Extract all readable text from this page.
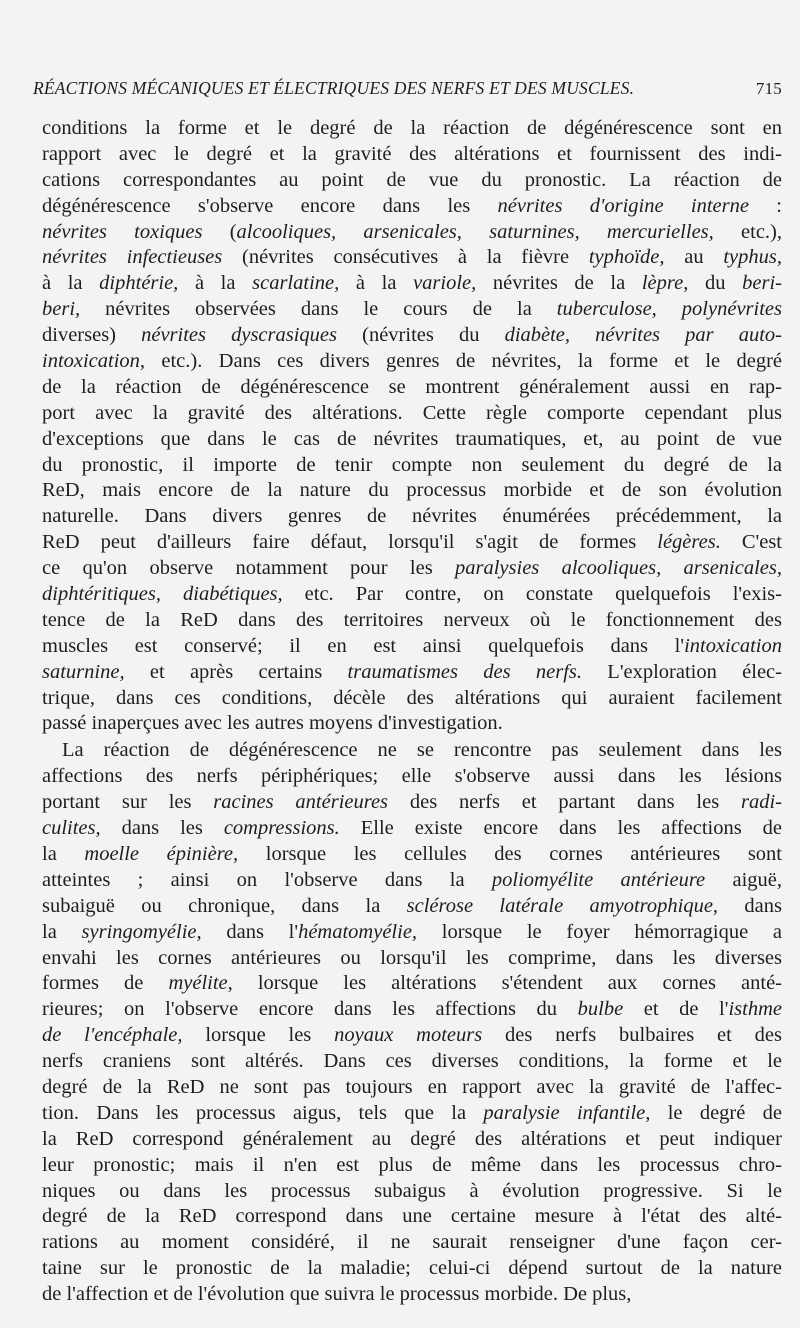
RÉACTIONS MÉCANIQUES ET ÉLECTRIQUES DES NERFS ET DES MUSCLES.	715
conditions la forme et le degré de la réaction de dégénérescence sont en
rapport avec le degré et la gravité des altérations et fournissent des indi-
cations correspondantes au point de vue du pronostic. La réaction de
dégénérescence s'observe encore dans les névrites d'origine interne :
névrites toxiques (alcooliques, arsenicales, saturnines, mercurielles, etc.),
névrites infectieuses (névrites consécutives à la fièvre typhoïde, au typhus,
à la diphtérie, à la scarlatine, à la variole, névrites de la lèpre, du beri-
beri, névrites observées dans le cours de la tuberculose, polynévrites
diverses) névrites dyscrasiques (névrites du diabète, névrites par auto-
intoxication, etc.). Dans ces divers genres de névrites, la forme et le degré
de la réaction de dégénérescence se montrent généralement aussi en rap-
port avec la gravité des altérations. Cette règle comporte cependant plus
d'exceptions que dans le cas de névrites traumatiques, et, au point de vue
du pronostic, il importe de tenir compte non seulement du degré de la
ReD, mais encore de la nature du processus morbide et de son évolution
naturelle. Dans divers genres de névrites énumérées précédemment, la
ReD peut d'ailleurs faire défaut, lorsqu'il s'agit de formes légères. C'est
ce qu'on observe notamment pour les paralysies alcooliques, arsenicales,
diphtéritiques, diabétiques, etc. Par contre, on constate quelquefois l'exis-
tence de la ReD dans des territoires nerveux où le fonctionnement des
muscles est conservé; il en est ainsi quelquefois dans l'intoxication
saturnine, et après certains traumatismes des nerfs. L'exploration élec-
trique, dans ces conditions, décèle des altérations qui auraient facilement
passé inaperçues avec les autres moyens d'investigation.
La réaction de dégénérescence ne se rencontre pas seulement dans les
affections des nerfs périphériques; elle s'observe aussi dans les lésions
portant sur les racines antérieures des nerfs et partant dans les radi-
culites, dans les compressions. Elle existe encore dans les affections de
la moelle épinière, lorsque les cellules des cornes antérieures sont
atteintes ; ainsi on l'observe dans la poliomyélite antérieure aiguë,
subaiguë ou chronique, dans la sclérose latérale amyotrophique, dans
la syringomyélie, dans l'hématomyélie, lorsque le foyer hémorragique a
envahi les cornes antérieures ou lorsqu'il les comprime, dans les diverses
formes de myélite, lorsque les altérations s'étendent aux cornes anté-
rieures; on l'observe encore dans les affections du bulbe et de l'isthme
de l'encéphale, lorsque les noyaux moteurs des nerfs bulbaires et des
nerfs craniens sont altérés. Dans ces diverses conditions, la forme et le
degré de la ReD ne sont pas toujours en rapport avec la gravité de l'affec-
tion. Dans les processus aigus, tels que la paralysie infantile, le degré de
la ReD correspond généralement au degré des altérations et peut indiquer
leur pronostic; mais il n'en est plus de même dans les processus chro-
niques ou dans les processus subaigus à évolution progressive. Si le
degré de la ReD correspond dans une certaine mesure à l'état des alté-
rations au moment considéré, il ne saurait renseigner d'une façon cer-
taine sur le pronostic de la maladie; celui-ci dépend surtout de la nature
de l'affection et de l'évolution que suivra le processus morbide. De plus,
